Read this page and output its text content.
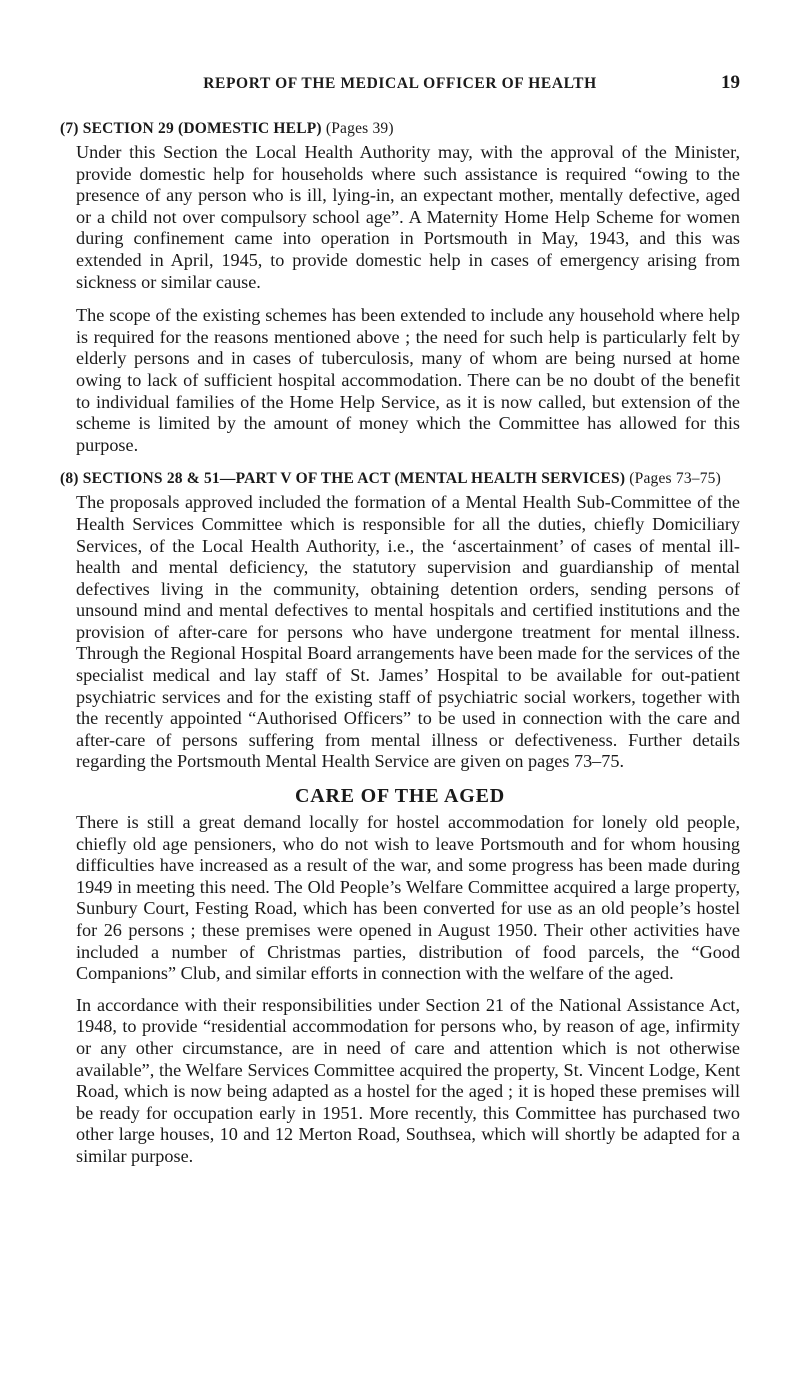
REPORT OF THE MEDICAL OFFICER OF HEALTH	19
(7) SECTION 29 (DOMESTIC HELP) (Pages 39)

Under this Section the Local Health Authority may, with the approval of the Minister, provide domestic help for households where such assistance is required “owing to the presence of any person who is ill, lying-in, an expectant mother, mentally defective, aged or a child not over compulsory school age”. A Maternity Home Help Scheme for women during confinement came into operation in Portsmouth in May, 1943, and this was extended in April, 1945, to provide domestic help in cases of emergency arising from sickness or similar cause.

The scope of the existing schemes has been extended to include any household where help is required for the reasons mentioned above ; the need for such help is particularly felt by elderly persons and in cases of tuberculosis, many of whom are being nursed at home owing to lack of sufficient hospital accommodation. There can be no doubt of the benefit to individual families of the Home Help Service, as it is now called, but extension of the scheme is limited by the amount of money which the Committee has allowed for this purpose.

(8) SECTIONS 28 & 51—PART V OF THE ACT (MENTAL HEALTH SERVICES) (Pages 73–75)

The proposals approved included the formation of a Mental Health Sub-Committee of the Health Services Committee which is responsible for all the duties, chiefly Domiciliary Services, of the Local Health Authority, i.e., the ‘ascertainment’ of cases of mental ill-health and mental deficiency, the statutory supervision and guardianship of mental defectives living in the community, obtaining detention orders, sending persons of unsound mind and mental defectives to mental hospitals and certified institutions and the provision of after-care for persons who have undergone treatment for mental illness. Through the Regional Hospital Board arrangements have been made for the services of the specialist medical and lay staff of St. James’ Hospital to be available for out-patient psychiatric services and for the existing staff of psychiatric social workers, together with the recently appointed “Authorised Officers” to be used in connection with the care and after-care of persons suffering from mental illness or defectiveness. Further details regarding the Portsmouth Mental Health Service are given on pages 73–75.

CARE OF THE AGED

There is still a great demand locally for hostel accommodation for lonely old people, chiefly old age pensioners, who do not wish to leave Portsmouth and for whom housing difficulties have increased as a result of the war, and some progress has been made during 1949 in meeting this need. The Old People’s Welfare Committee acquired a large property, Sunbury Court, Festing Road, which has been converted for use as an old people’s hostel for 26 persons ; these premises were opened in August 1950. Their other activities have included a number of Christmas parties, distribution of food parcels, the “Good Companions” Club, and similar efforts in connection with the welfare of the aged.

In accordance with their responsibilities under Section 21 of the National Assistance Act, 1948, to provide “residential accommodation for persons who, by reason of age, infirmity or any other circumstance, are in need of care and attention which is not otherwise available”, the Welfare Services Committee acquired the property, St. Vincent Lodge, Kent Road, which is now being adapted as a hostel for the aged ; it is hoped these premises will be ready for occupation early in 1951. More recently, this Committee has purchased two other large houses, 10 and 12 Merton Road, Southsea, which will shortly be adapted for a similar purpose.
